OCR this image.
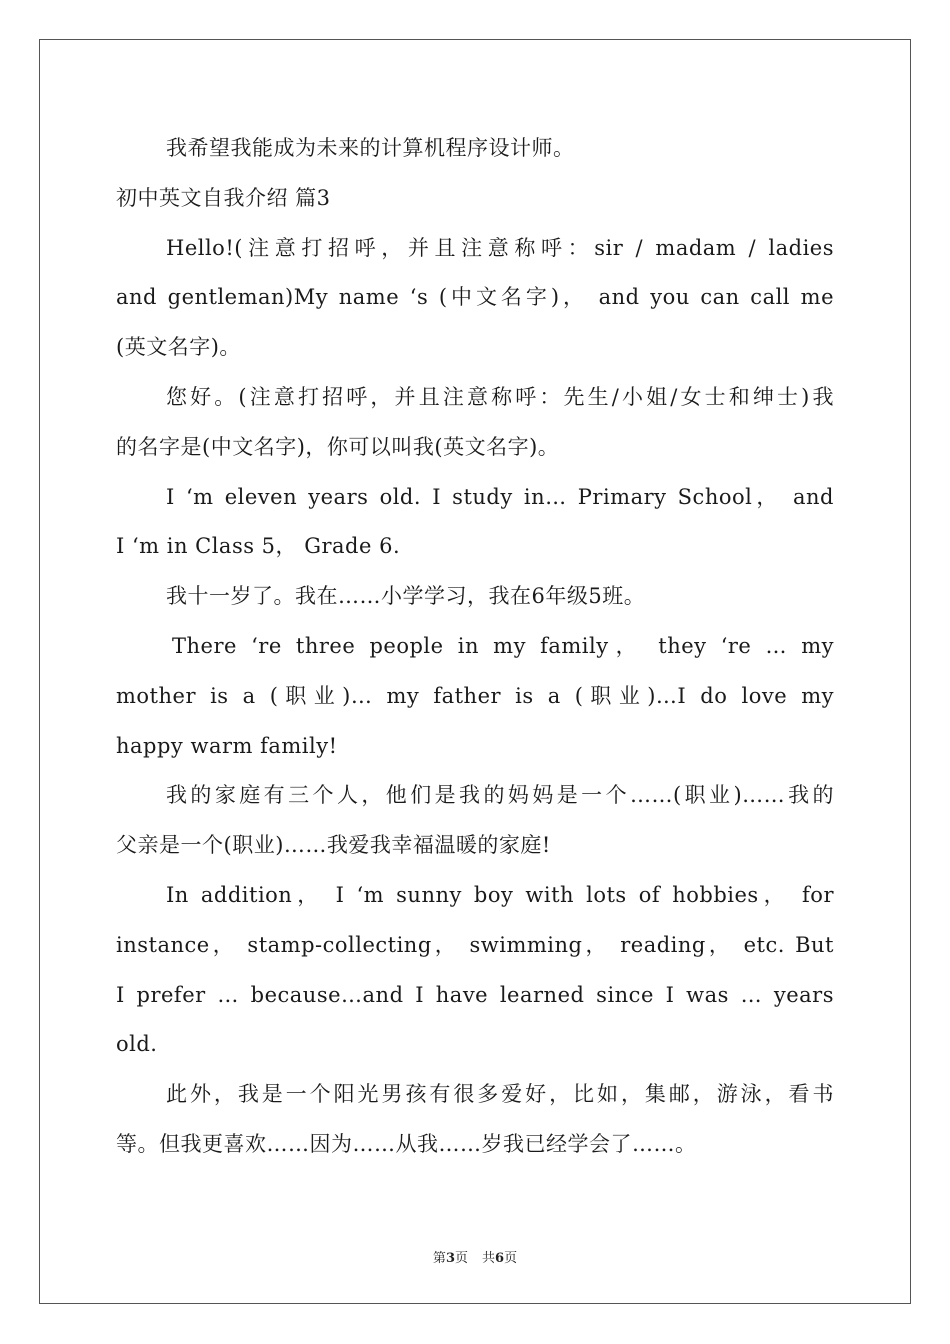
我希望我能成为未来的计算机程序设计师。
初中英文自我介绍 篇3
Hello!(注意打招呼，并且注意称呼：sir / madam / ladies
and gentleman)My name ‘s (中文名字)， and you can call me
(英文名字)。
您好。(注意打招呼，并且注意称呼：先生/小姐/女士和绅士)我
的名字是(中文名字)，你可以叫我(英文名字)。
I ‘m eleven years old. I study in… Primary School， and
I ‘m in Class 5， Grade 6.
我十一岁了。我在……小学学习，我在6年级5班。
There ‘re three people in my family， they ‘re … my
mother is a (职业)… my father is a (职业)…I do love my
happy warm family!
我的家庭有三个人，他们是我的妈妈是一个……(职业)……我的
父亲是一个(职业)……我爱我幸福温暖的家庭!
In addition， I ‘m sunny boy with lots of hobbies， for
instance， stamp-collecting， swimming， reading， etc. But
I prefer … because…and I have learned since I was … years
old.
此外，我是一个阳光男孩有很多爱好，比如，集邮，游泳，看书
等。但我更喜欢……因为……从我……岁我已经学会了……。
第3页 共6页
